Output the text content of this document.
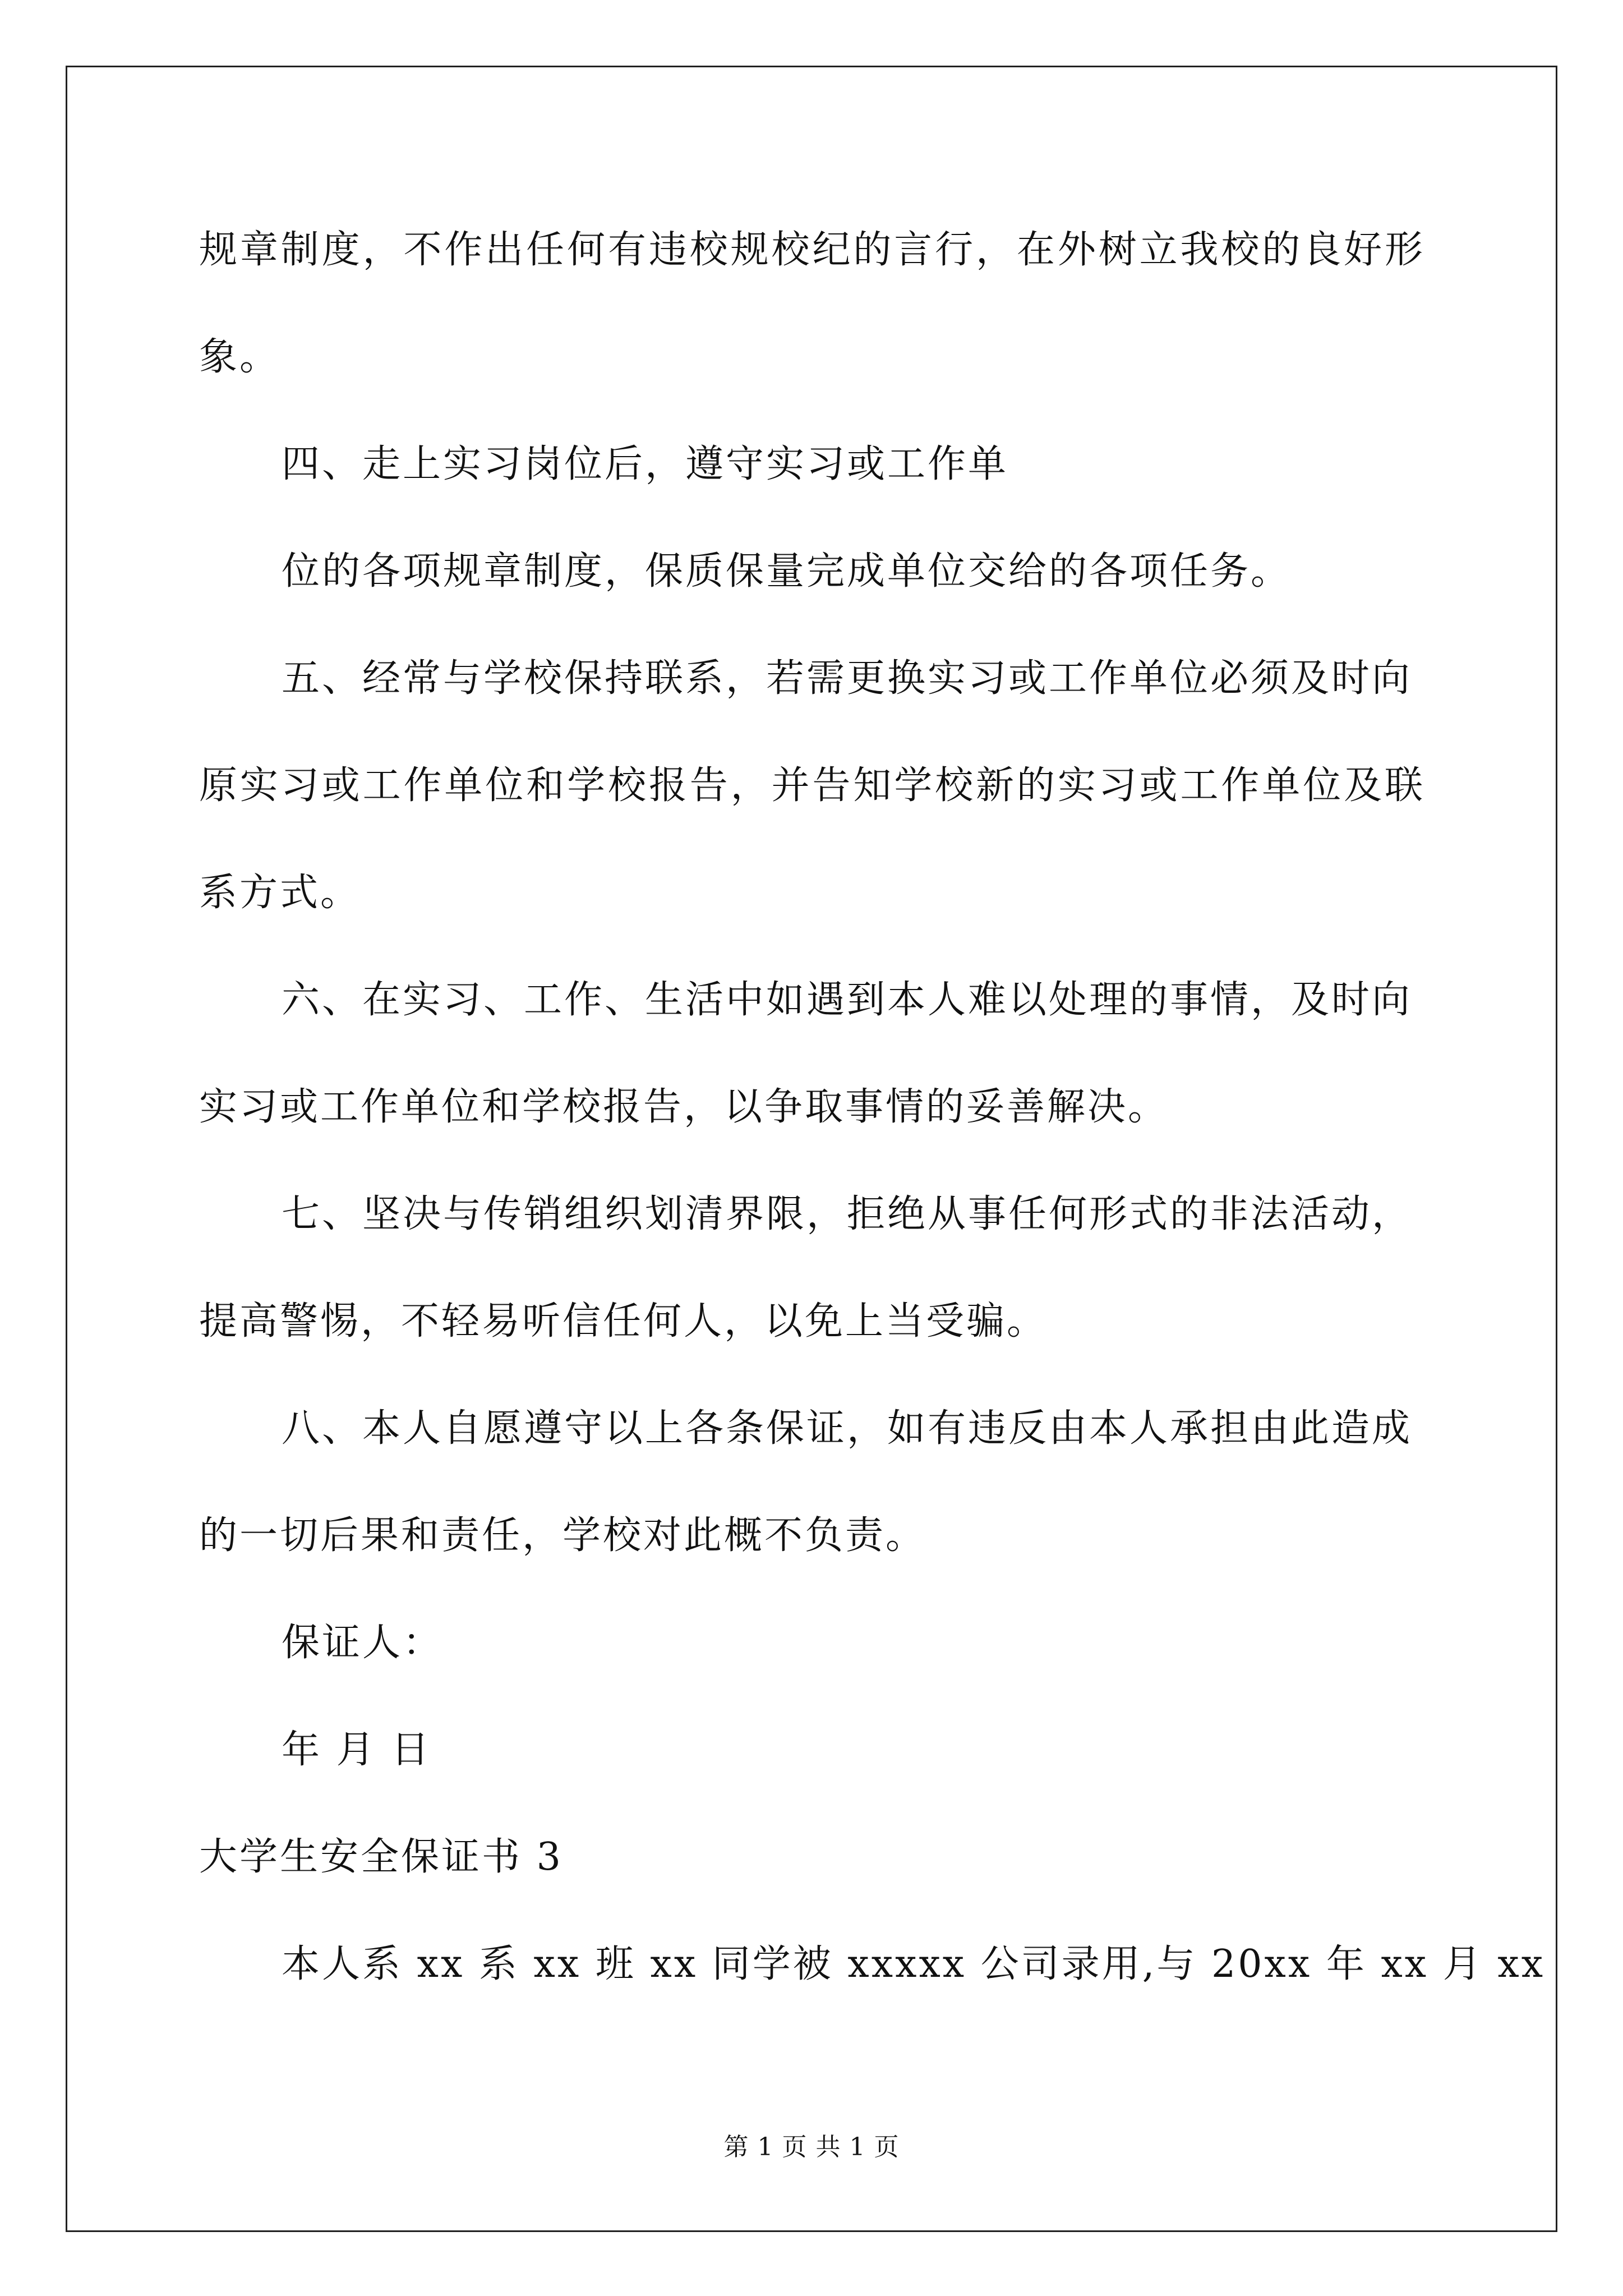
规章制度，不作出任何有违校规校纪的言行，在外树立我校的良好形
象。
四、走上实习岗位后，遵守实习或工作单
位的各项规章制度，保质保量完成单位交给的各项任务。
五、经常与学校保持联系，若需更换实习或工作单位必须及时向
原实习或工作单位和学校报告，并告知学校新的实习或工作单位及联
系方式。
六、在实习、工作、生活中如遇到本人难以处理的事情，及时向
实习或工作单位和学校报告，以争取事情的妥善解决。
七、坚决与传销组织划清界限，拒绝从事任何形式的非法活动，
提高警惕，不轻易听信任何人，以免上当受骗。
八、本人自愿遵守以上各条保证，如有违反由本人承担由此造成
的一切后果和责任，学校对此概不负责。
保证人：
年 月 日
大学生安全保证书 3
本人系 xx 系 xx 班 xx 同学被 xxxxx 公司录用,与 20xx 年 xx 月 xx
第 1 页 共 1 页
